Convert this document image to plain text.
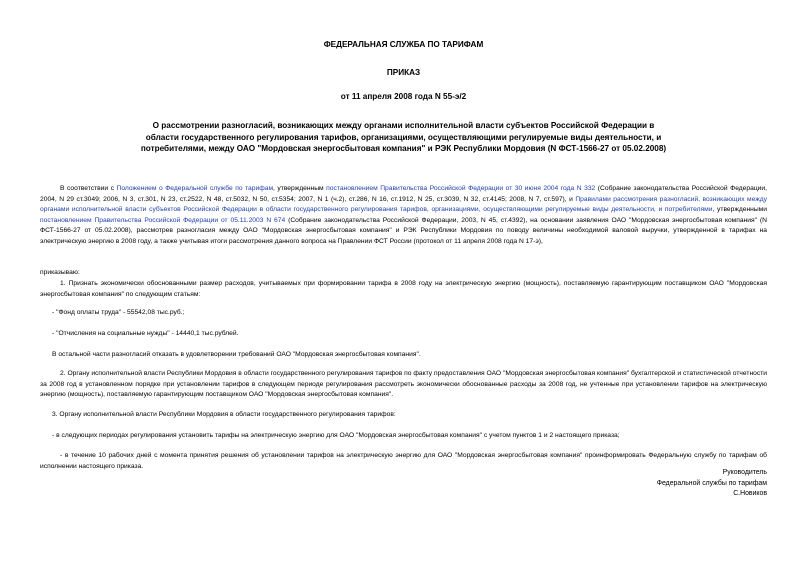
ФЕДЕРАЛЬНАЯ СЛУЖБА ПО ТАРИФАМ
ПРИКАЗ
от 11 апреля 2008 года N 55-э/2
О рассмотрении разногласий, возникающих между органами исполнительной власти субъектов Российской Федерации в области государственного регулирования тарифов, организациями, осуществляющими регулируемые виды деятельности, и потребителями, между ОАО "Мордовская энергосбытовая компания" и РЭК Республики Мордовия (N ФСТ-1566-27 от 05.02.2008)
В соответствии с Положением о Федеральной службе по тарифам, утвержденным постановлением Правительства Российской Федерации от 30 июня 2004 года N 332 (Собрание законодательства Российской Федерации, 2004, N 29 ст.3049; 2006, N 3, ст.301, N 23, ст.2522, N 48, ст.5032, N 50, ст.5354; 2007, N 1 (ч.2), ст.286, N 16, ст.1912, N 25, ст.3039, N 32, ст.4145; 2008, N 7, ст.597), и Правилами рассмотрения разногласий, возникающих между органами исполнительной власти субъектов Российской Федерации в области государственного регулирования тарифов, организациями, осуществляющими регулируемые виды деятельности, и потребителями, утвержденными постановлением Правительства Российской Федерации от 05.11.2003 N 674 (Собрание законодательства Российской Федерации, 2003, N 45, ст.4392), на основании заявления ОАО "Мордовская энергосбытовая компания" (N ФСТ-1566-27 от 05.02.2008), рассмотрев разногласия между ОАО "Мордовская энергосбытовая компания" и РЭК Республики Мордовия по поводу величины необходимой валовой выручки, утвержденной в тарифах на электрическую энергию в 2008 году, а также учитывая итоги рассмотрения данного вопроса на Правлении ФСТ России (протокол от 11 апреля 2008 года N 17-э),
приказываю:
1. Признать экономически обоснованными размер расходов, учитываемых при формировании тарифа в 2008 году на электрическую энергию (мощность), поставляемую гарантирующим поставщиком ОАО "Мордовская энергосбытовая компания" по следующим статьям:
- "Фонд оплаты труда" - 55542,08 тыс.руб.;
- "Отчисления на социальные нужды" - 14440,1 тыс.рублей.
В остальной части разногласий отказать в удовлетворении требований ОАО "Мордовская энергосбытовая компания".
2. Органу исполнительной власти Республики Мордовия в области государственного регулирования тарифов по факту предоставления ОАО "Мордовская энергосбытовая компания" бухгалтерской и статистической отчетности за 2008 год в установленном порядке при установлении тарифов в следующем периоде регулирования рассмотреть экономически обоснованные расходы за 2008 год, не учтенные при установлении тарифов на электрическую энергию (мощность), поставляемую гарантирующим поставщиком ОАО "Мордовская энергосбытовая компания".
3. Органу исполнительной власти Республики Мордовия в области государственного регулирования тарифов:
- в следующих периодах регулирования установить тарифы на электрическую энергию для ОАО "Мордовская энергосбытовая компания" с учетом пунктов 1 и 2 настоящего приказа;
- в течение 10 рабочих дней с момента принятия решения об установлении тарифов на электрическую энергию для ОАО "Мордовская энергосбытовая компания" проинформировать Федеральную службу по тарифам об исполнении настоящего приказа.
Руководитель
Федеральной службы по тарифам
С.Новиков
